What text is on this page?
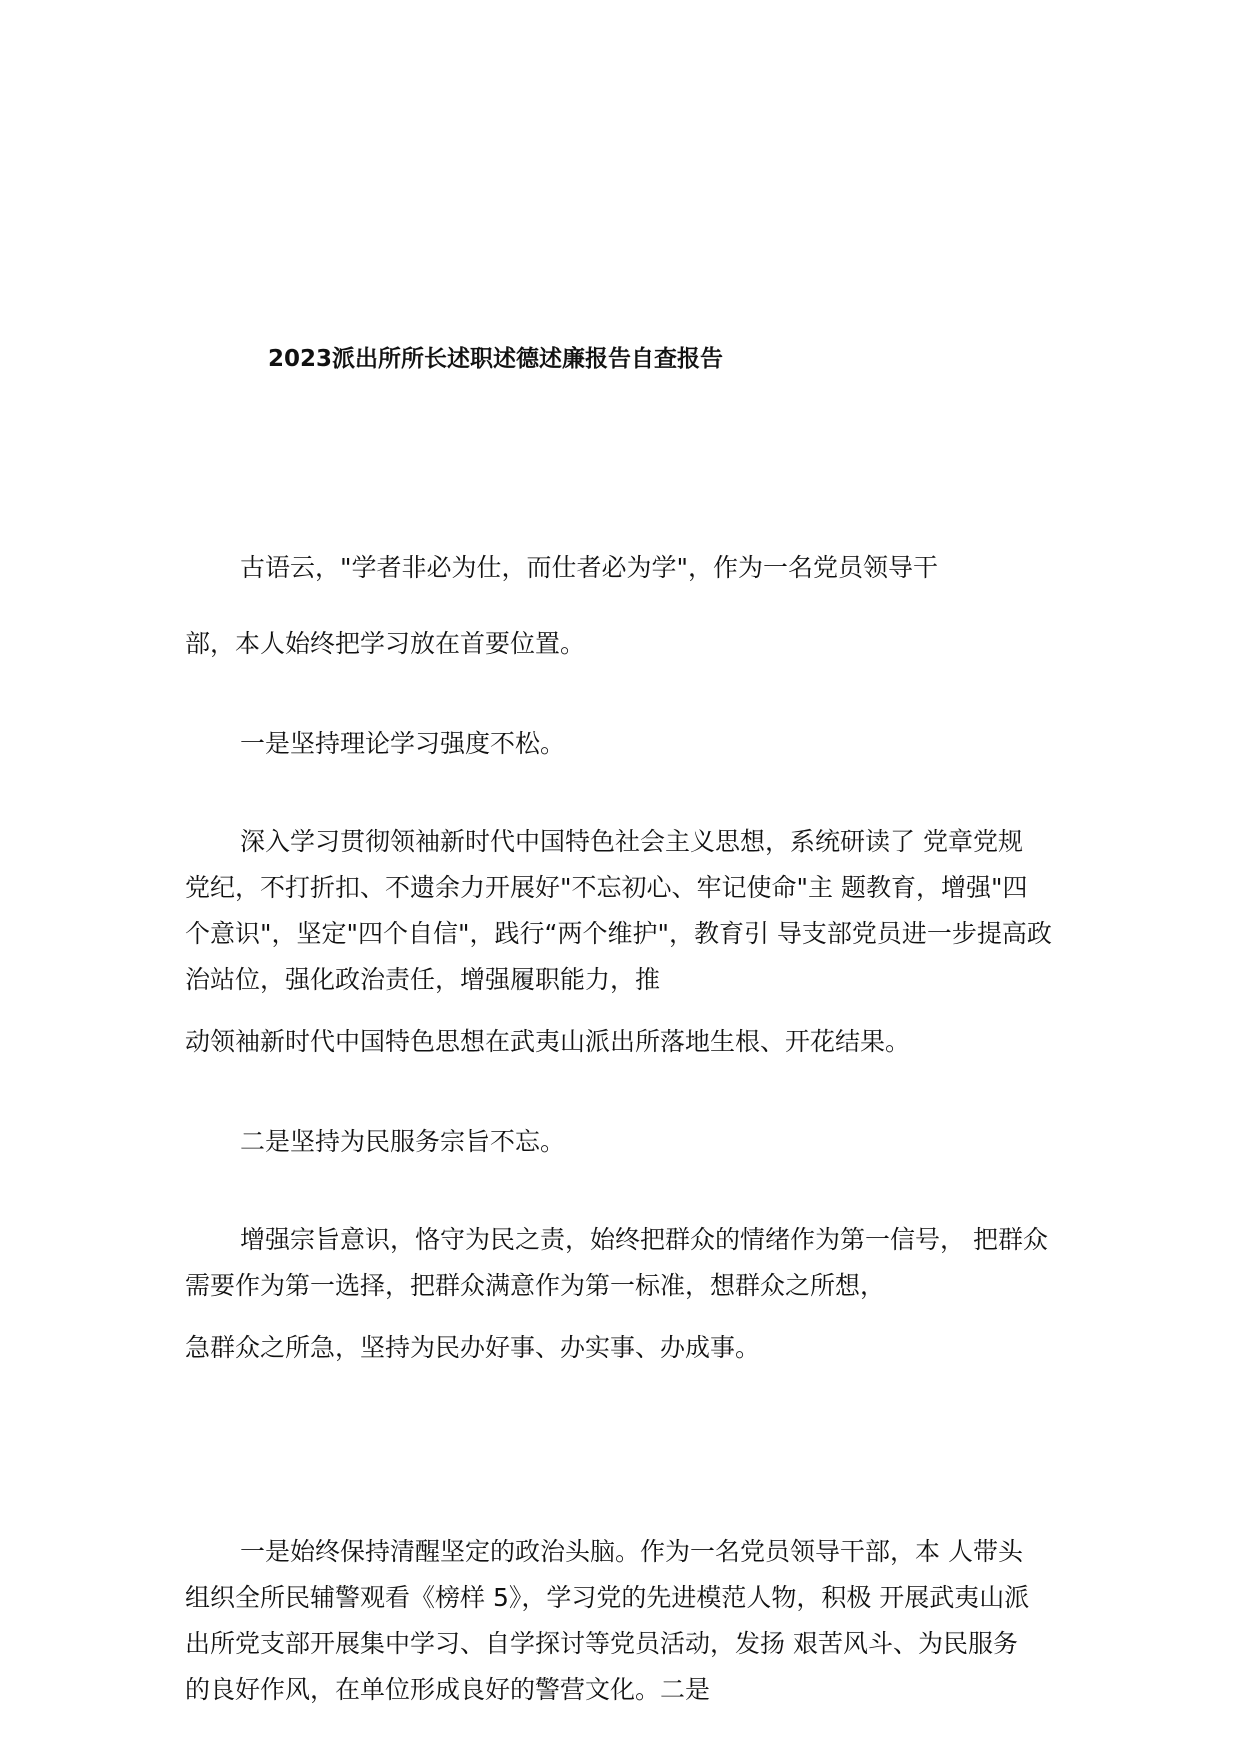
2023派出所所长述职述德述廉报告自查报告
古语云，"学者非必为仕，而仕者必为学"，作为一名党员领导干
部，本人始终把学习放在首要位置。
一是坚持理论学习强度不松。
深入学习贯彻领袖新时代中国特色社会主义思想，系统研读了 党章党规
党纪，不打折扣、不遗余力开展好"不忘初心、牢记使命"主 题教育，增强"四
个意识"，坚定"四个自信"，践行“两个维护"，教育引 导支部党员进一步提高政
治站位，强化政治责任，增强履职能力，推
动领袖新时代中国特色思想在武夷山派出所落地生根、开花结果。
二是坚持为民服务宗旨不忘。
增强宗旨意识，恪守为民之责，始终把群众的情绪作为第一信号， 把群众
需要作为第一选择，把群众满意作为第一标准，想群众之所想，
急群众之所急，坚持为民办好事、办实事、办成事。
一是始终保持清醒坚定的政治头脑。作为一名党员领导干部，本 人带头
组织全所民辅警观看《榜样 5》，学习党的先进模范人物，积极 开展武夷山派
出所党支部开展集中学习、自学探讨等党员活动，发扬 艰苦风斗、为民服务
的良好作风，在单位形成良好的警营文化。二是
